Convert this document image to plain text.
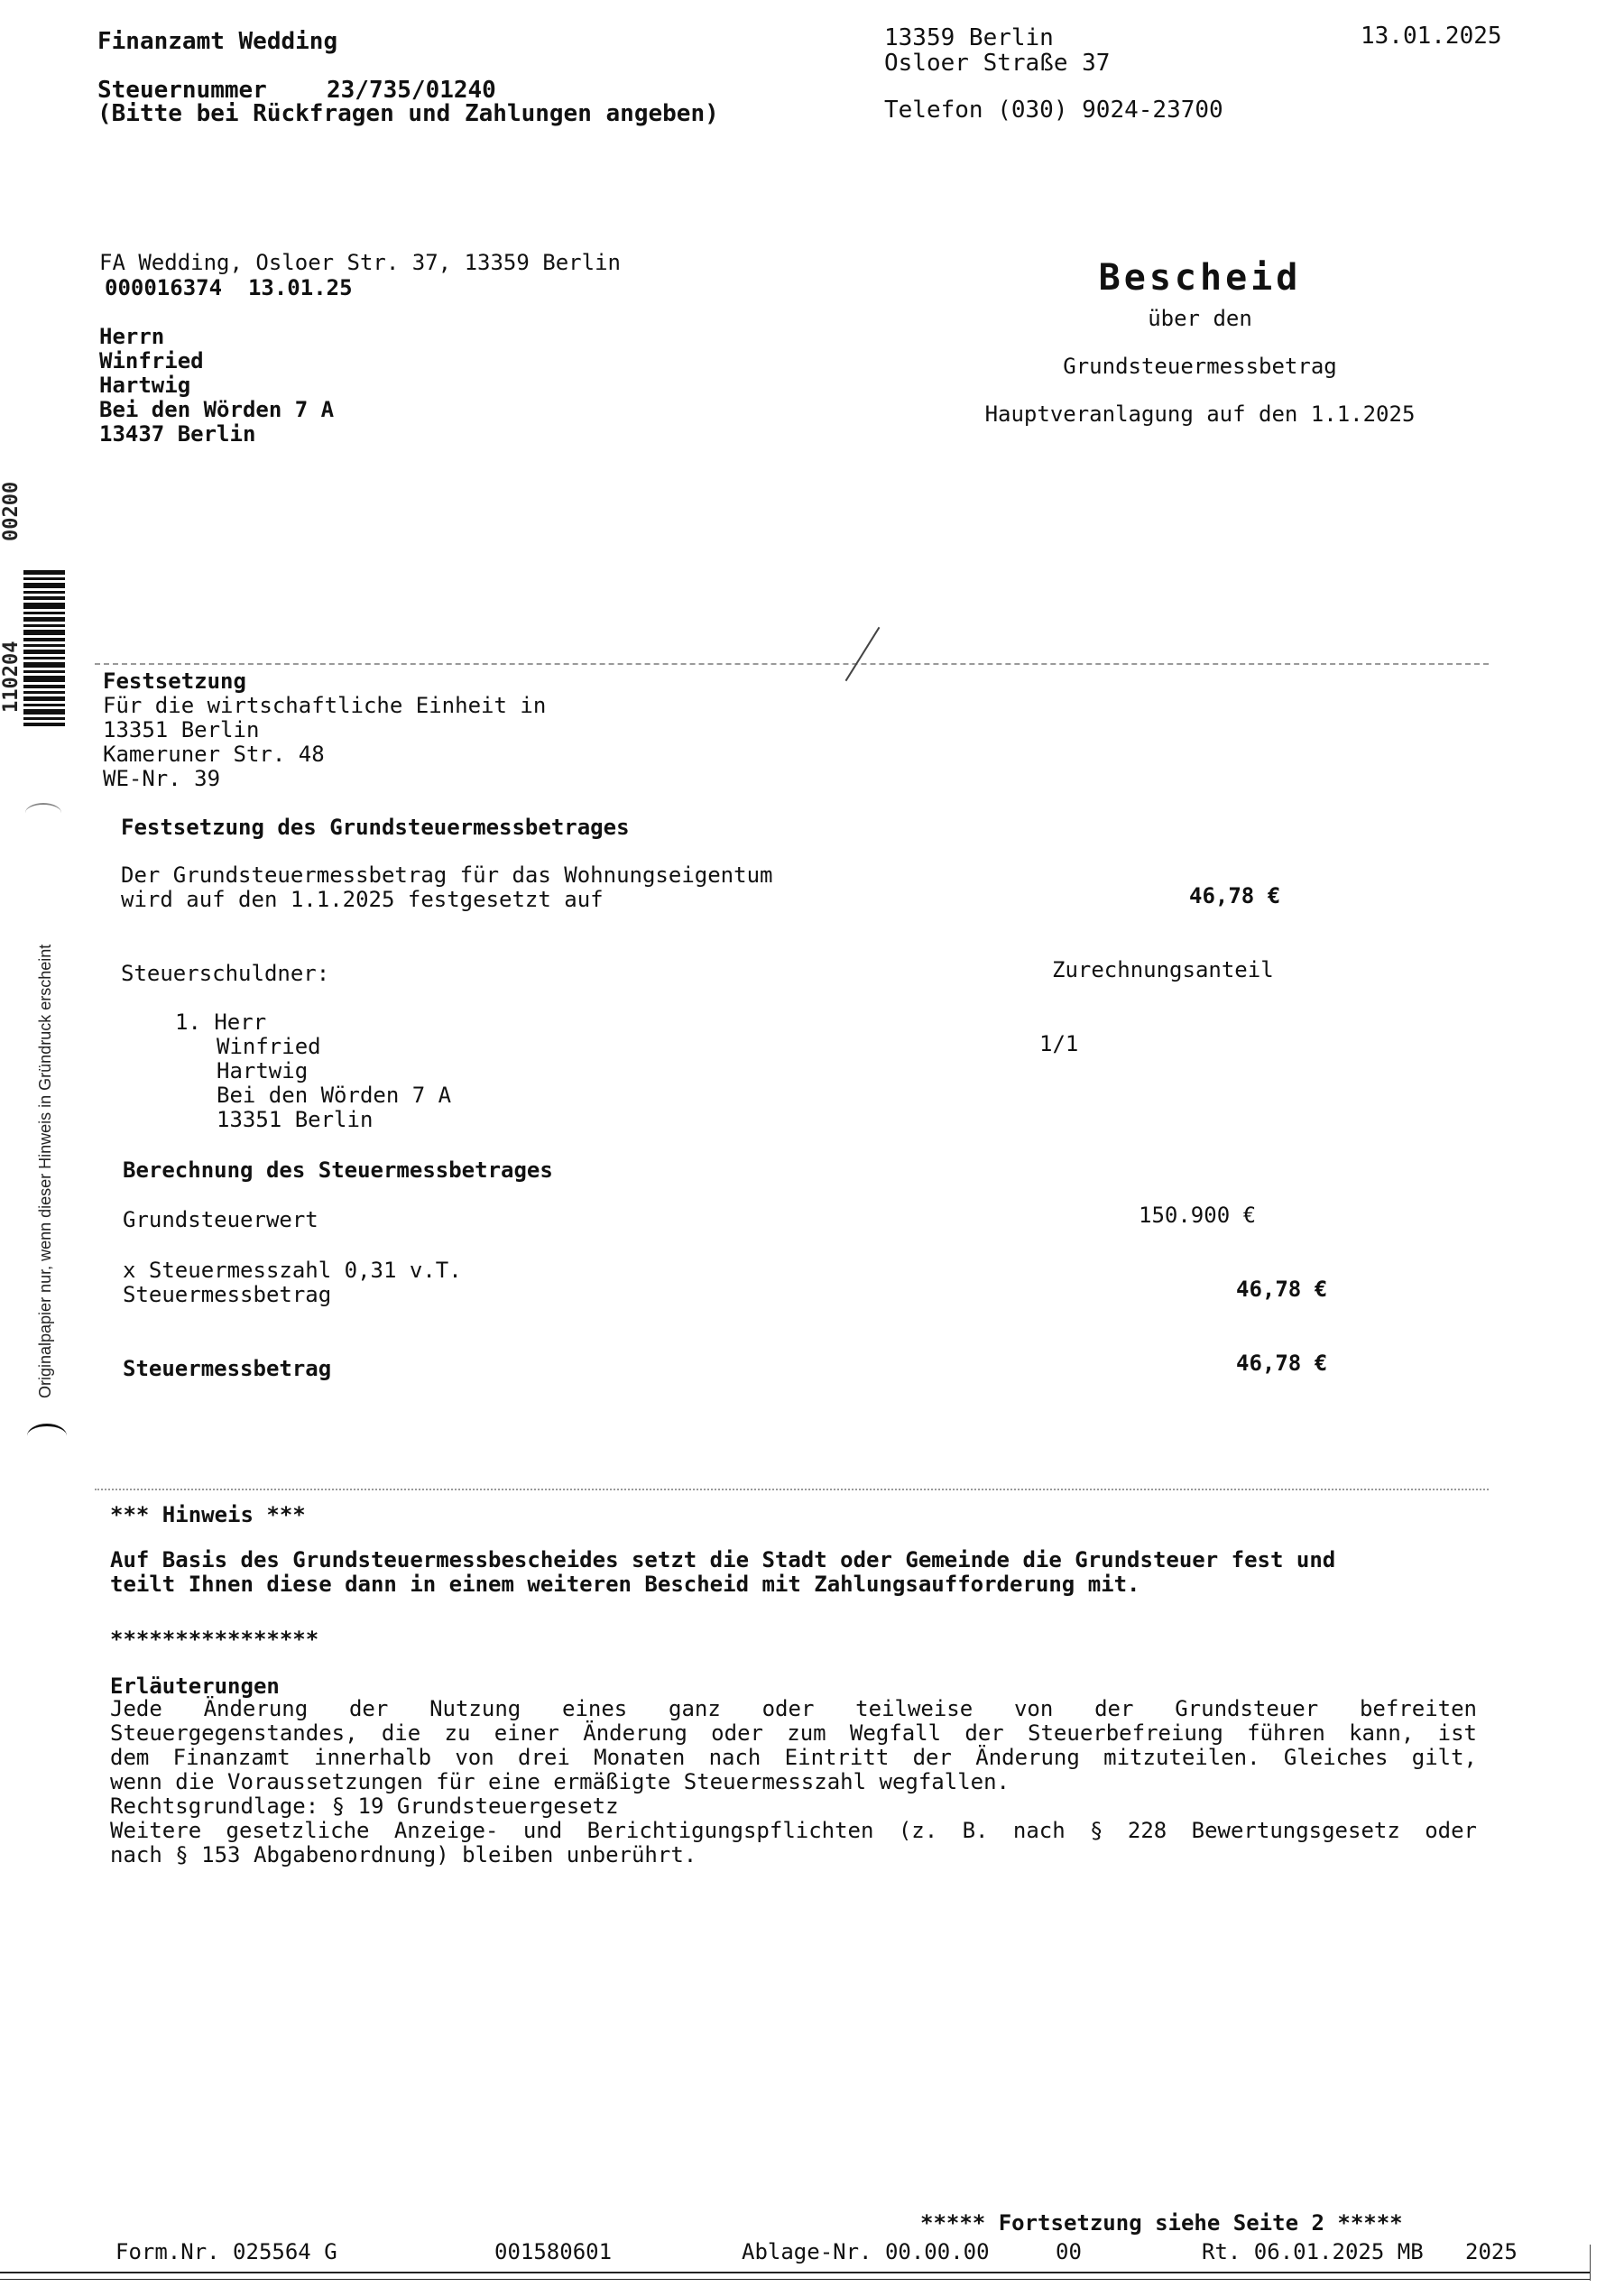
Finanzamt Wedding
Steuernummer	23/735/01240
(Bitte bei Rückfragen und Zahlungen angeben)
13359 Berlin
Osloer Straße 37
Telefon (030) 9024-23700
13.01.2025
FA Wedding, Osloer Str. 37, 13359 Berlin
000016374  13.01.25
Herrn
Winfried
Hartwig
Bei den Wörden 7 A
13437 Berlin
Bescheid
über den
Grundsteuermessbetrag
Hauptveranlagung auf den 1.1.2025
00200
110204
Originalpapier nur, wenn dieser Hinweis in Gründruck erscheint
Festsetzung
Für die wirtschaftliche Einheit in
13351 Berlin
Kameruner Str. 48
WE-Nr. 39
Festsetzung des Grundsteuermessbetrages
Der Grundsteuermessbetrag für das Wohnungseigentum
wird auf den 1.1.2025 festgesetzt auf	46,78 €
Steuerschuldner:	Zurechnungsanteil
1. Herr
Winfried
Hartwig
Bei den Wörden 7 A
13351 Berlin
1/1
Berechnung des Steuermessbetrages
Grundsteuerwert	150.900 €
x Steuermesszahl 0,31 v.T.
Steuermessbetrag	46,78 €
Steuermessbetrag	46,78 €
*** Hinweis ***
Auf Basis des Grundsteuermessbescheides setzt die Stadt oder Gemeinde die Grundsteuer fest und
teilt Ihnen diese dann in einem weiteren Bescheid mit Zahlungsaufforderung mit.
****************
Erläuterungen
Jede Änderung der Nutzung eines ganz oder teilweise von der Grundsteuer befreiten
Steuergegenstandes, die zu einer Änderung oder zum Wegfall der Steuerbefreiung führen kann, ist
dem Finanzamt innerhalb von drei Monaten nach Eintritt der Änderung mitzuteilen. Gleiches gilt,
wenn die Voraussetzungen für eine ermäßigte Steuermesszahl wegfallen.
Rechtsgrundlage: § 19 Grundsteuergesetz
Weitere gesetzliche Anzeige- und Berichtigungspflichten (z. B. nach § 228 Bewertungsgesetz oder
nach § 153 Abgabenordnung) bleiben unberührt.
***** Fortsetzung siehe Seite 2 *****
Form.Nr. 025564 G	001580601	Ablage-Nr. 00.00.00	00	Rt. 06.01.2025 MB 2025
